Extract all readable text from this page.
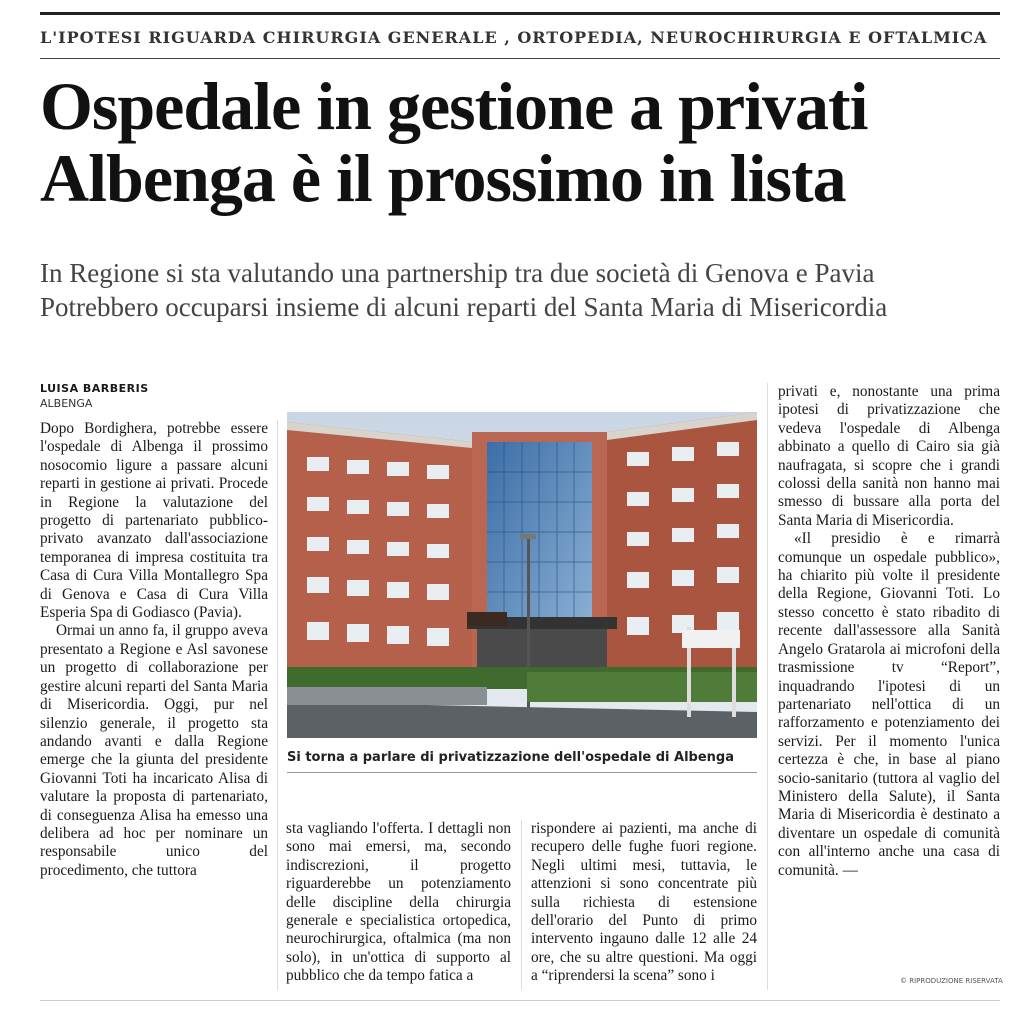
L'IPOTESI RIGUARDA CHIRURGIA GENERALE , ORTOPEDIA, NEUROCHIRURGIA E OFTALMICA
Ospedale in gestione a privati
Albenga è il prossimo in lista
In Regione si sta valutando una partnership tra due società di Genova e Pavia
Potrebbero occuparsi insieme di alcuni reparti del Santa Maria di Misericordia
LUISA BARBERIS
ALBENGA

Dopo Bordighera, potrebbe essere l'ospedale di Albenga il prossimo nosocomio ligure a passare alcuni reparti in gestione ai privati. Procede in Regione la valutazione del progetto di partenariato pubblico-privato avanzato dall'associazione temporanea di impresa costituita tra Casa di Cura Villa Montallegro Spa di Genova e Casa di Cura Villa Esperia Spa di Godiasco (Pavia).

Ormai un anno fa, il gruppo aveva presentato a Regione e Asl savonese un progetto di collaborazione per gestire alcuni reparti del Santa Maria di Misericordia. Oggi, pur nel silenzio generale, il progetto sta andando avanti e dalla Regione emerge che la giunta del presidente Giovanni Toti ha incaricato Alisa di valutare la proposta di partenariato, di conseguenza Alisa ha emesso una delibera ad hoc per nominare un responsabile unico del procedimento, che tuttora

Si torna a parlare di privatizzazione dell'ospedale di Albenga

sta vagliando l'offerta. I dettagli non sono mai emersi, ma, secondo indiscrezioni, il progetto riguarderebbe un potenziamento delle discipline della chirurgia generale e specialistica ortopedica, neurochirurgica, oftalmica (ma non solo), in un'ottica di supporto al pubblico che da tempo fatica a

rispondere ai pazienti, ma anche di recupero delle fughe fuori regione. Negli ultimi mesi, tuttavia, le attenzioni si sono concentrate più sulla richiesta di estensione dell'orario del Punto di primo intervento ingauno dalle 12 alle 24 ore, che su altre questioni. Ma oggi a “riprendersi la scena” sono i

privati e, nonostante una prima ipotesi di privatizzazione che vedeva l'ospedale di Albenga abbinato a quello di Cairo sia già naufragata, si scopre che i grandi colossi della sanità non hanno mai smesso di bussare alla porta del Santa Maria di Misericordia.

«Il presidio è e rimarrà comunque un ospedale pubblico», ha chiarito più volte il presidente della Regione, Giovanni Toti. Lo stesso concetto è stato ribadito di recente dall'assessore alla Sanità Angelo Gratarola ai microfoni della trasmissione tv “Report”, inquadrando l'ipotesi di un partenariato nell'ottica di un rafforzamento e potenziamento dei servizi. Per il momento l'unica certezza è che, in base al piano socio-sanitario (tuttora al vaglio del Ministero della Salute), il Santa Maria di Misericordia è destinato a diventare un ospedale di comunità con all'interno anche una casa di comunità. —

© RIPRODUZIONE RISERVATA
